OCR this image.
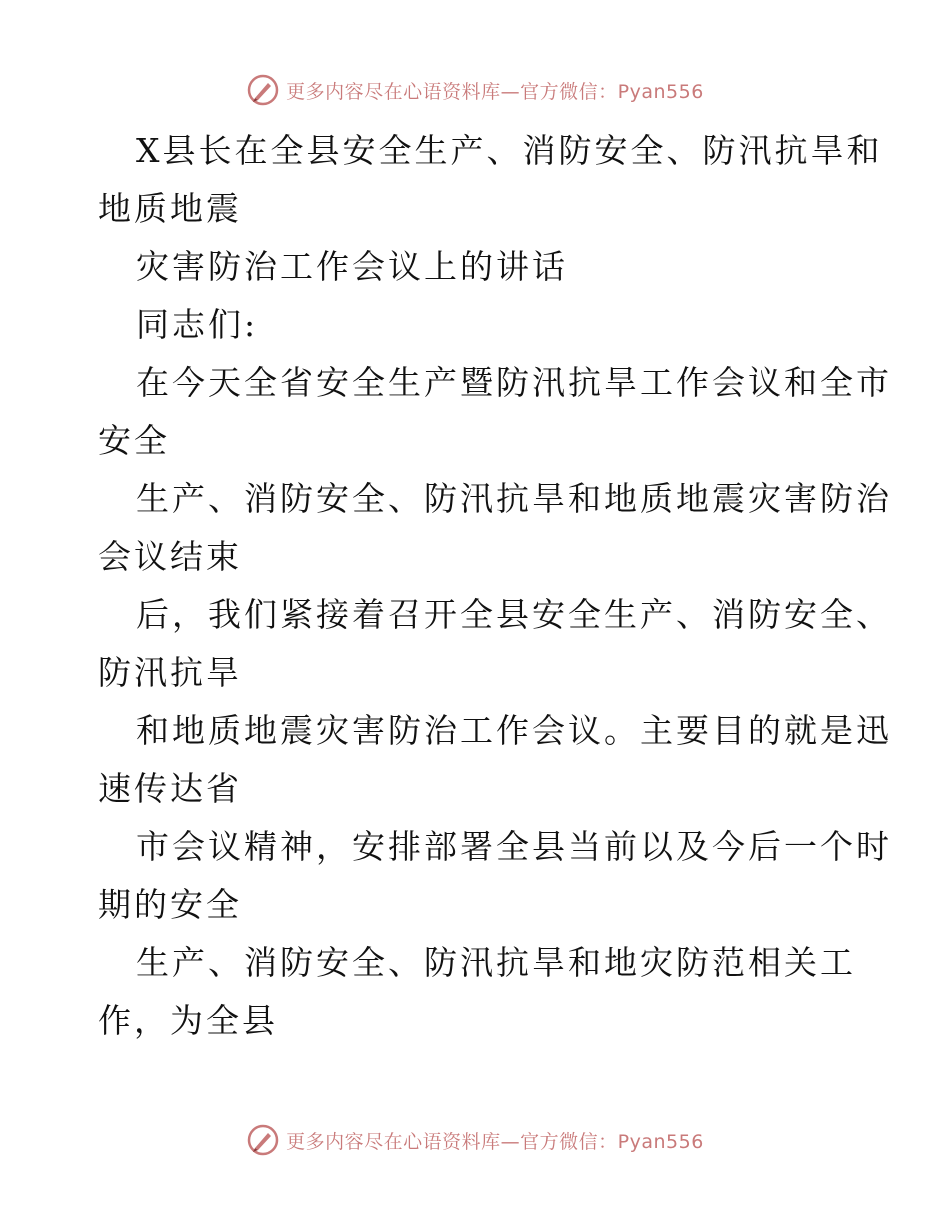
更多内容尽在心语资料库—官方微信：Pyan556
X县长在全县安全生产、消防安全、防汛抗旱和
地质地震
灾害防治工作会议上的讲话
同志们:
在今天全省安全生产暨防汛抗旱工作会议和全市
安全
生产、消防安全、防汛抗旱和地质地震灾害防治
会议结束
后，我们紧接着召开全县安全生产、消防安全、
防汛抗旱
和地质地震灾害防治工作会议。主要目的就是迅
速传达省
市会议精神，安排部署全县当前以及今后一个时
期的安全
生产、消防安全、防汛抗旱和地灾防范相关工
作，为全县
更多内容尽在心语资料库—官方微信：Pyan556
